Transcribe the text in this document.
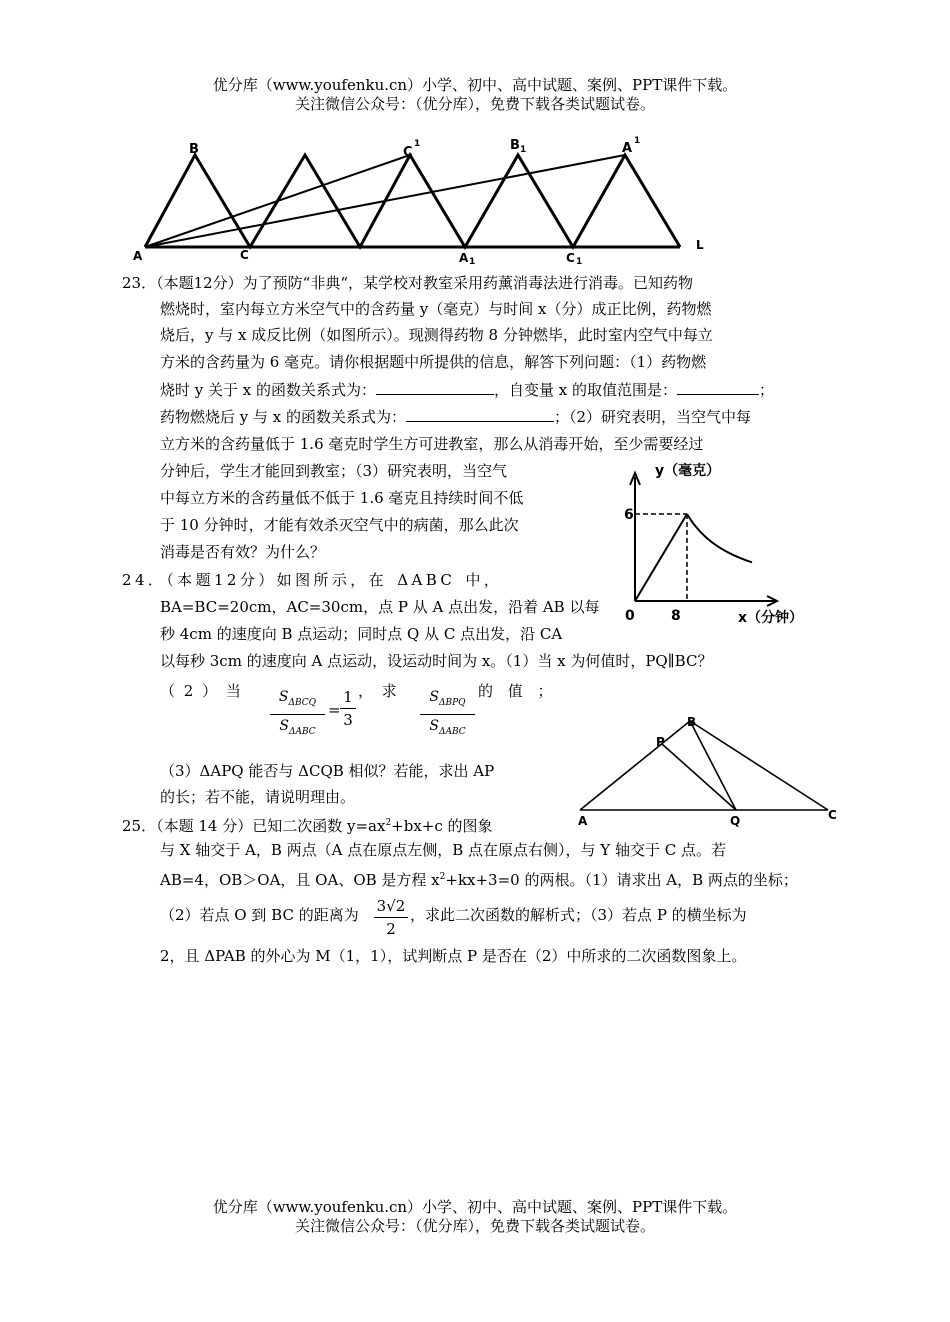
优分库（www.youfenku.cn）小学、初中、高中试题、案例、PPT课件下载。
关注微信公众号：（优分库），免费下载各类试题试卷。
B	C
1	B 1	A 1
A	C	A 1	C 1
L
23．（本题12分）为了预防“非典“，某学校对教室采用药薰消毒法进行消毒。已知药物
燃烧时，室内每立方米空气中的含药量 y（毫克）与时间 x（分）成正比例，药物燃
烧后，y 与 x 成反比例（如图所示）。现测得药物 8 分钟燃毕，此时室内空气中每立
方米的含药量为 6 毫克。请你根据题中所提供的信息，解答下列问题：（1）药物燃
烧时 y 关于 x 的函数关系式为：	，自变量 x 的取值范围是：	；
药物燃烧后 y 与 x 的函数关系式为：	；（2）研究表明，当空气中每
立方米的含药量低于 1.6 毫克时学生方可进教室，那么从消毒开始，至少需要经过
分钟后，学生才能回到教室；（3）研究表明，当空气
中每立方米的含药量低不低于 1.6 毫克且持续时间不低
于 10 分钟时，才能有效杀灭空气中的病菌，那么此次
消毒是否有效？为什么？
y（毫克）
0	8
6
x（分钟）
24．（本题12分）如图所示，在 ΔABC 中，
BA=BC=20cm，AC=30cm，点 P 从 A 点出发，沿着 AB 以每
秒 4cm 的速度向 B 点运动；同时点 Q 从 C 点出发，沿 CA
以每秒 3cm 的速度向 A 点运动，设运动时间为 x。（1）当 x 为何值时，PQ∥BC？
（ 2 ） 当	$S_{\Delta BCQ}$
$S_{\Delta ABC}$
= $\frac{1}{3}$ ， 求	$S_{\Delta BPQ}$
$S_{\Delta ABC}$
的 值 ；
（3）ΔAPQ 能否与 ΔCQB 相似？若能，求出 AP
的长；若不能，请说明理由。
B
P
A	Q	C
25．（本题 14 分）已知二次函数 $y=ax^2+bx+c$ 的图象
与 X 轴交于 A，B 两点（A 点在原点左侧，B 点在原点右侧），与 Y 轴交于 C 点。若
AB=4，OB＞OA，且 OA、OB 是方程 $x^2+kx+3=0$ 的两根。（1）请求出 A，B 两点的坐标；
（2）若点 O 到 BC 的距离为 $\frac{3√2}{2}$ ，求此二次函数的解析式；（3）若点 P 的横坐标为
2，且 ΔPAB 的外心为 M（1，1），试判断点 P 是否在（2）中所求的二次函数图象上。
优分库（www.youfenku.cn）小学、初中、高中试题、案例、PPT课件下载。
关注微信公众号：（优分库），免费下载各类试题试卷。
